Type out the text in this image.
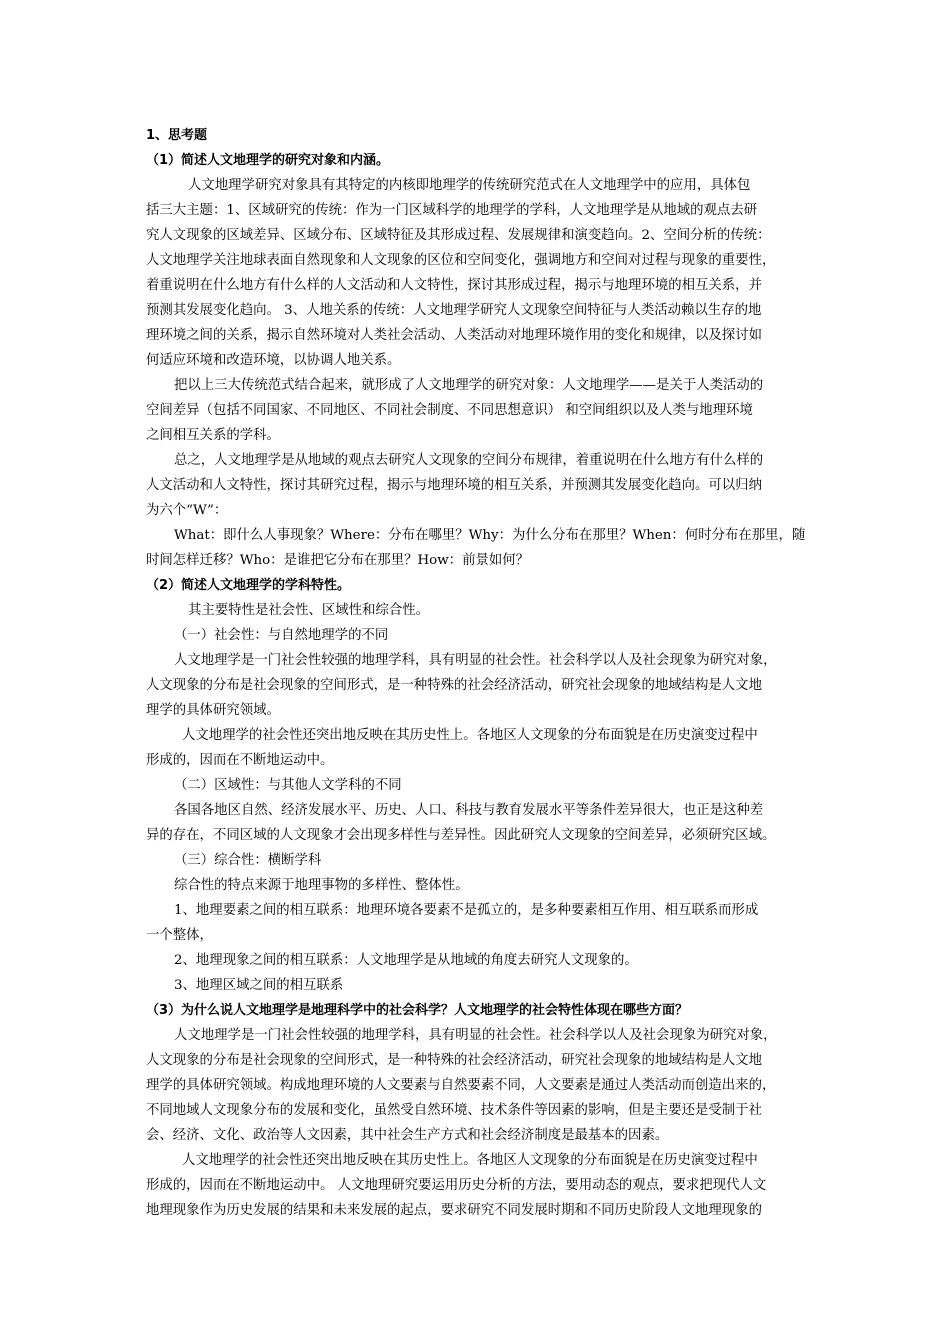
1、思考题

（1）简述人文地理学的研究对象和内涵。

人文地理学研究对象具有其特定的内核即地理学的传统研究范式在人文地理学中的应用，具体包

括三大主题：1、区域研究的传统：作为一门区域科学的地理学的学科，人文地理学是从地域的观点去研

究人文现象的区域差异、区域分布、区域特征及其形成过程、发展规律和演变趋向。2、空间分析的传统：

人文地理学关注地球表面自然现象和人文现象的区位和空间变化，强调地方和空间对过程与现象的重要性，

着重说明在什么地方有什么样的人文活动和人文特性，探讨其形成过程，揭示与地理环境的相互关系，并

预测其发展变化趋向。 3、人地关系的传统：人文地理学研究人文现象空间特征与人类活动赖以生存的地

理环境之间的关系，揭示自然环境对人类社会活动、人类活动对地理环境作用的变化和规律，以及探讨如

何适应环境和改造环境，以协调人地关系。

把以上三大传统范式结合起来，就形成了人文地理学的研究对象：人文地理学——是关于人类活动的

空间差异（包括不同国家、不同地区、不同社会制度、不同思想意识） 和空间组织以及人类与地理环境

之间相互关系的学科。

总之，人文地理学是从地域的观点去研究人文现象的空间分布规律，着重说明在什么地方有什么样的

人文活动和人文特性，探讨其研究过程，揭示与地理环境的相互关系，并预测其发展变化趋向。可以归纳

为六个“W”：

What：即什么人事现象？Where：分布在哪里？Why：为什么分布在那里？When：何时分布在那里，随

时间怎样迁移？Who：是谁把它分布在那里？How：前景如何？

（2）简述人文地理学的学科特性。

其主要特性是社会性、区域性和综合性。

（一）社会性：与自然地理学的不同

人文地理学是一门社会性较强的地理学科，具有明显的社会性。社会科学以人及社会现象为研究对象，

人文现象的分布是社会现象的空间形式，是一种特殊的社会经济活动，研究社会现象的地域结构是人文地

理学的具体研究领域。

人文地理学的社会性还突出地反映在其历史性上。各地区人文现象的分布面貌是在历史演变过程中

形成的，因而在不断地运动中。

（二）区域性：与其他人文学科的不同

各国各地区自然、经济发展水平、历史、人口、科技与教育发展水平等条件差异很大，也正是这种差

异的存在，不同区域的人文现象才会出现多样性与差异性。因此研究人文现象的空间差异，必须研究区域。

（三）综合性：横断学科

综合性的特点来源于地理事物的多样性、整体性。

1、地理要素之间的相互联系：地理环境各要素不是孤立的，是多种要素相互作用、相互联系而形成

一个整体，

2、地理现象之间的相互联系：人文地理学是从地域的角度去研究人文现象的。

3、地理区域之间的相互联系

（3）为什么说人文地理学是地理科学中的社会科学？人文地理学的社会特性体现在哪些方面？

人文地理学是一门社会性较强的地理学科，具有明显的社会性。社会科学以人及社会现象为研究对象，

人文现象的分布是社会现象的空间形式，是一种特殊的社会经济活动，研究社会现象的地域结构是人文地

理学的具体研究领域。构成地理环境的人文要素与自然要素不同，人文要素是通过人类活动而创造出来的，

不同地域人文现象分布的发展和变化，虽然受自然环境、技术条件等因素的影响，但是主要还是受制于社

会、经济、文化、政治等人文因素，其中社会生产方式和社会经济制度是最基本的因素。

人文地理学的社会性还突出地反映在其历史性上。各地区人文现象的分布面貌是在历史演变过程中

形成的，因而在不断地运动中。 人文地理研究要运用历史分析的方法，要用动态的观点，要求把现代人文

地理现象作为历史发展的结果和未来发展的起点，要求研究不同发展时期和不同历史阶段人文地理现象的
